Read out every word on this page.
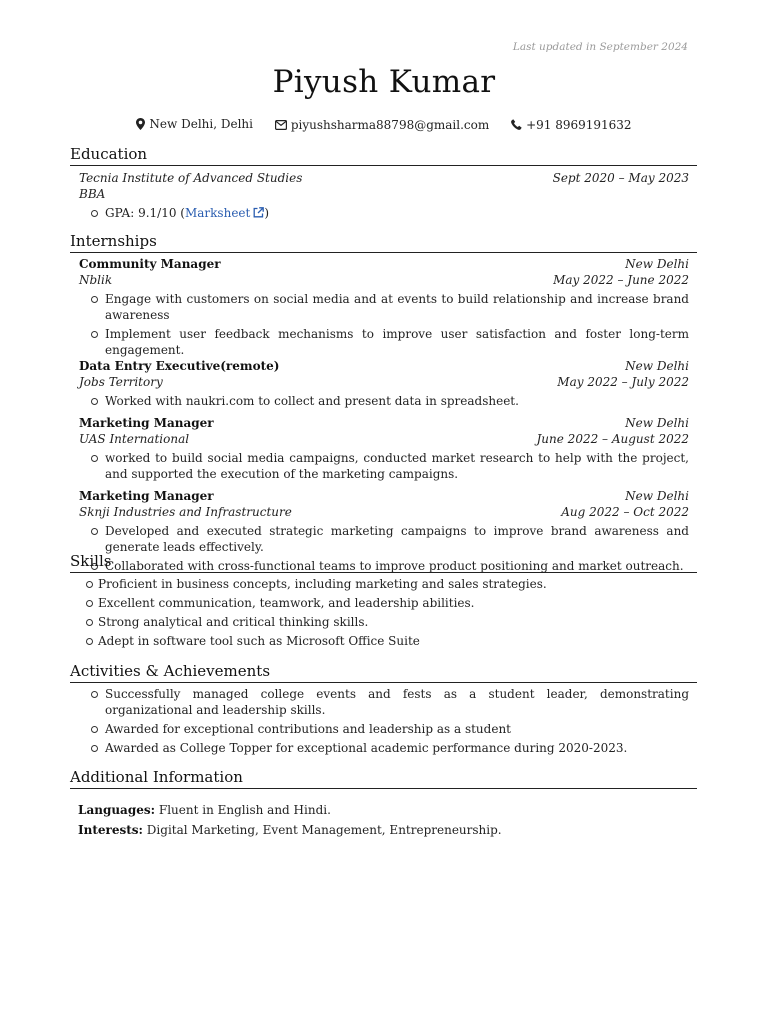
Last updated in September 2024
Piyush Kumar
New Delhi, Delhi
	piyushsharma88798@gmail.com
	+91 8969191632
Education
Tecnia Institute of Advanced Studies	Sept 2020 – May 2023
BBA
GPA: 9.1/10 (Marksheet )
Internships
Community Manager	New Delhi
Nblik	May 2022 – June 2022
Engage with customers on social media and at events to build relationship and increase brand awareness
Implement user feedback mechanisms to improve user satisfaction and foster long-term engagement.
Data Entry Executive(remote)	New Delhi
Jobs Territory	May 2022 – July 2022
Worked with naukri.com to collect and present data in spreadsheet.
Marketing Manager	New Delhi
UAS International	June 2022 – August 2022
worked to build social media campaigns, conducted market research to help with the project, and supported the execution of the marketing campaigns.
Marketing Manager	New Delhi
Sknji Industries and Infrastructure	Aug 2022 – Oct 2022
Developed and executed strategic marketing campaigns to improve brand awareness and generate leads effectively.
Collaborated with cross-functional teams to improve product positioning and market outreach.
Skills
Proficient in business concepts, including marketing and sales strategies.
Excellent communication, teamwork, and leadership abilities.
Strong analytical and critical thinking skills.
Adept in software tool such as Microsoft Office Suite
Activities & Achievements
Successfully managed college events and fests as a student leader, demonstrating organizational and leadership skills.
Awarded for exceptional contributions and leadership as a student
Awarded as College Topper for exceptional academic performance during 2020-2023.
Additional Information
Languages: Fluent in English and Hindi.
Interests: Digital Marketing, Event Management, Entrepreneurship.
